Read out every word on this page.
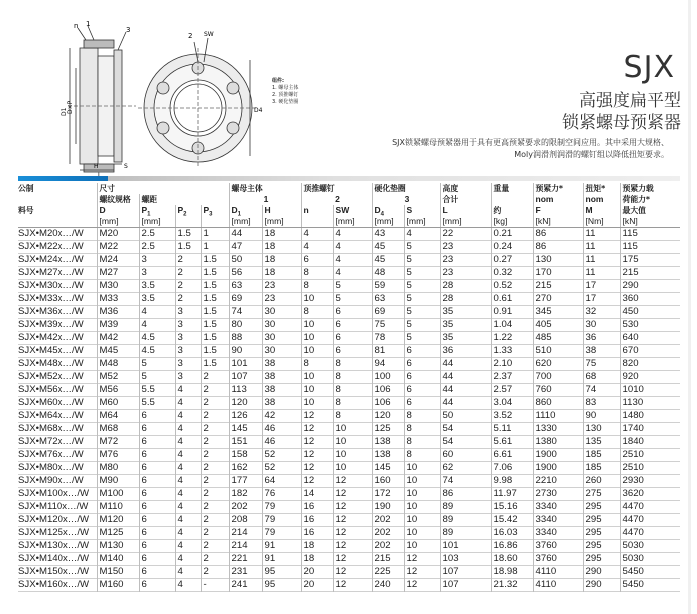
n 1
3
D1 D×P
H	S
2 SW
D4
组件:
1. 螺母主体
2. 顶推螺钉
3. 硬化垫圈
SJX
高强度扁平型
锁紧螺母预紧器
SJX锁紧螺母预紧器用于具有更高预紧要求的限制空间应用。其中采用大规格、Moly润滑剂润滑的螺钉组以降低扭矩要求。
公制	尺寸				螺母主体		顶推螺钉		硬化垫圈		高度	重量	预紧力*	扭矩*	预紧力载
	螺纹规格	螺距			1		2		3		合计		nom	nom	荷能力*
料号	D	$P_1$	$P_2$	$P_3$	$D_1$	H	n	SW	$D_4$	S	L	约	F	M	最大值
	[mm]	[mm]			[mm]	[mm]		[mm]	[mm]	[mm]	[mm]	[kg]	[kN]	[Nm]	[kN]
SJX•M20x…/W	M20	2.5	1.5	1	44	18	4	4	43	4	22	0.21	86	11	115
SJX•M22x…/W	M22	2.5	1.5	1	47	18	4	4	45	5	23	0.24	86	11	115
SJX•M24x…/W	M24	3	2	1.5	50	18	6	4	45	5	23	0.27	130	11	175
SJX•M27x…/W	M27	3	2	1.5	56	18	8	4	48	5	23	0.32	170	11	215
SJX•M30x…/W	M30	3.5	2	1.5	63	23	8	5	59	5	28	0.52	215	17	290
SJX•M33x…/W	M33	3.5	2	1.5	69	23	10	5	63	5	28	0.61	270	17	360
SJX•M36x…/W	M36	4	3	1.5	74	30	8	6	69	5	35	0.91	345	32	450
SJX•M39x…/W	M39	4	3	1.5	80	30	10	6	75	5	35	1.04	405	30	530
SJX•M42x…/W	M42	4.5	3	1.5	88	30	10	6	78	5	35	1.22	485	36	640
SJX•M45x…/W	M45	4.5	3	1.5	90	30	10	6	81	6	36	1.33	510	38	670
SJX•M48x…/W	M48	5	3	1.5	101	38	8	8	94	6	44	2.10	620	75	820
SJX•M52x…/W	M52	5	3	2	107	38	10	8	100	6	44	2.37	700	68	920
SJX•M56x…/W	M56	5.5	4	2	113	38	10	8	106	6	44	2.57	760	74	1010
SJX•M60x…/W	M60	5.5	4	2	120	38	10	8	106	6	44	3.04	860	83	1130
SJX•M64x…/W	M64	6	4	2	126	42	12	8	120	8	50	3.52	1110	90	1480
SJX•M68x…/W	M68	6	4	2	145	46	12	10	125	8	54	5.11	1330	130	1740
SJX•M72x…/W	M72	6	4	2	151	46	12	10	138	8	54	5.61	1380	135	1840
SJX•M76x…/W	M76	6	4	2	158	52	12	10	138	8	60	6.61	1900	185	2510
SJX•M80x…/W	M80	6	4	2	162	52	12	10	145	10	62	7.06	1900	185	2510
SJX•M90x…/W	M90	6	4	2	177	64	12	12	160	10	74	9.98	2210	260	2930
SJX•M100x…/W	M100	6	4	2	182	76	14	12	172	10	86	11.97	2730	275	3620
SJX•M110x…/W	M110	6	4	2	202	79	16	12	190	10	89	15.16	3340	295	4470
SJX•M120x…/W	M120	6	4	2	208	79	16	12	202	10	89	15.42	3340	295	4470
SJX•M125x…/W	M125	6	4	2	214	79	16	12	202	10	89	16.03	3340	295	4470
SJX•M130x…/W	M130	6	4	2	214	91	18	12	202	10	101	16.86	3760	295	5030
SJX•M140x…/W	M140	6	4	2	221	91	18	12	215	12	103	18.60	3760	295	5030
SJX•M150x…/W	M150	6	4	2	231	95	20	12	225	12	107	18.98	4110	290	5450
SJX•M160x…/W	M160	6	4	-	241	95	20	12	240	12	107	21.32	4110	290	5450
